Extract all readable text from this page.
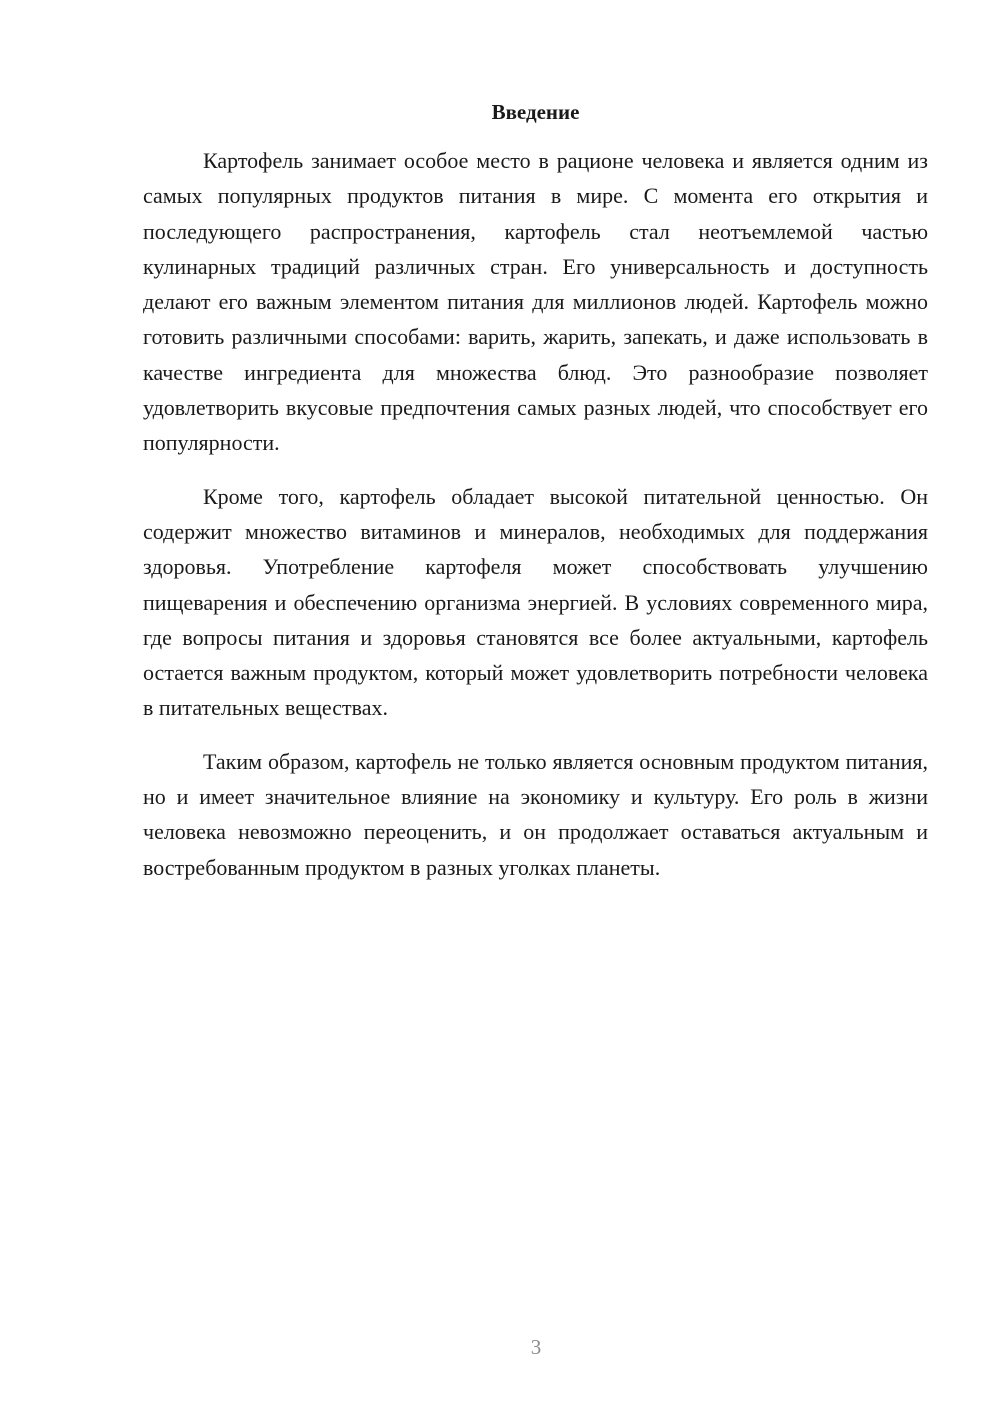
Введение

Картофель занимает особое место в рационе человека и является одним из самых популярных продуктов питания в мире. С момента его открытия и последующего распространения, картофель стал неотъемлемой частью кулинарных традиций различных стран. Его универсальность и доступность делают его важным элементом питания для миллионов людей. Картофель можно готовить различными способами: варить, жарить, запекать, и даже использовать в качестве ингредиента для множества блюд. Это разнообразие позволяет удовлетворить вкусовые предпочтения самых разных людей, что способствует его популярности.

Кроме того, картофель обладает высокой питательной ценностью. Он содержит множество витаминов и минералов, необходимых для поддержания здоровья. Употребление картофеля может способствовать улучшению пищеварения и обеспечению организма энергией. В условиях современного мира, где вопросы питания и здоровья становятся все более актуальными, картофель остается важным продуктом, который может удовлетворить потребности человека в питательных веществах.

Таким образом, картофель не только является основным продуктом питания, но и имеет значительное влияние на экономику и культуру. Его роль в жизни человека невозможно переоценить, и он продолжает оставаться актуальным и востребованным продуктом в разных уголках планеты.

3
